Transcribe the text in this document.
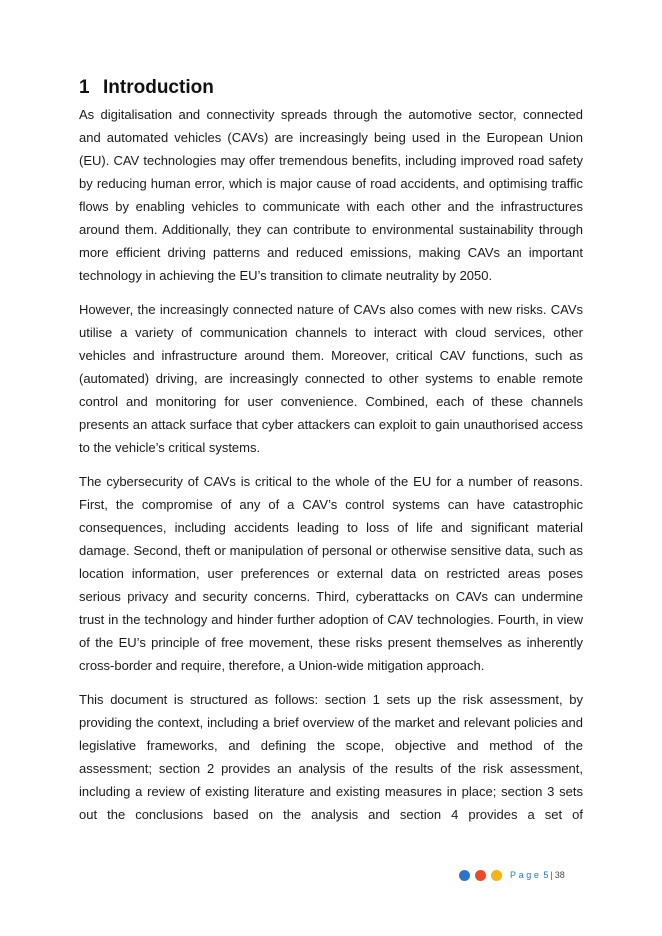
1 Introduction

As digitalisation and connectivity spreads through the automotive sector, connected and automated vehicles (CAVs) are increasingly being used in the European Union (EU). CAV technologies may offer tremendous benefits, including improved road safety by reducing human error, which is major cause of road accidents, and optimising traffic flows by enabling vehicles to communicate with each other and the infrastructures around them. Additionally, they can contribute to environmental sustainability through more efficient driving patterns and reduced emissions, making CAVs an important technology in achieving the EU’s transition to climate neutrality by 2050.

However, the increasingly connected nature of CAVs also comes with new risks. CAVs utilise a variety of communication channels to interact with cloud services, other vehicles and infrastructure around them. Moreover, critical CAV functions, such as (automated) driving, are increasingly connected to other systems to enable remote control and monitoring for user convenience. Combined, each of these channels presents an attack surface that cyber attackers can exploit to gain unauthorised access to the vehicle’s critical systems.

The cybersecurity of CAVs is critical to the whole of the EU for a number of reasons. First, the compromise of any of a CAV’s control systems can have catastrophic consequences, including accidents leading to loss of life and significant material damage. Second, theft or manipulation of personal or otherwise sensitive data, such as location information, user preferences or external data on restricted areas poses serious privacy and security concerns. Third, cyberattacks on CAVs can undermine trust in the technology and hinder further adoption of CAV technologies. Fourth, in view of the EU’s principle of free movement, these risks present themselves as inherently cross-border and require, therefore, a Union-wide mitigation approach.

This document is structured as follows: section 1 sets up the risk assessment, by providing the context, including a brief overview of the market and relevant policies and legislative frameworks, and defining the scope, objective and method of the assessment; section 2 provides an analysis of the results of the risk assessment, including a review of existing literature and existing measures in place; section 3 sets out the conclusions based on the analysis and section 4 provides a set of

Page 5 | 38
